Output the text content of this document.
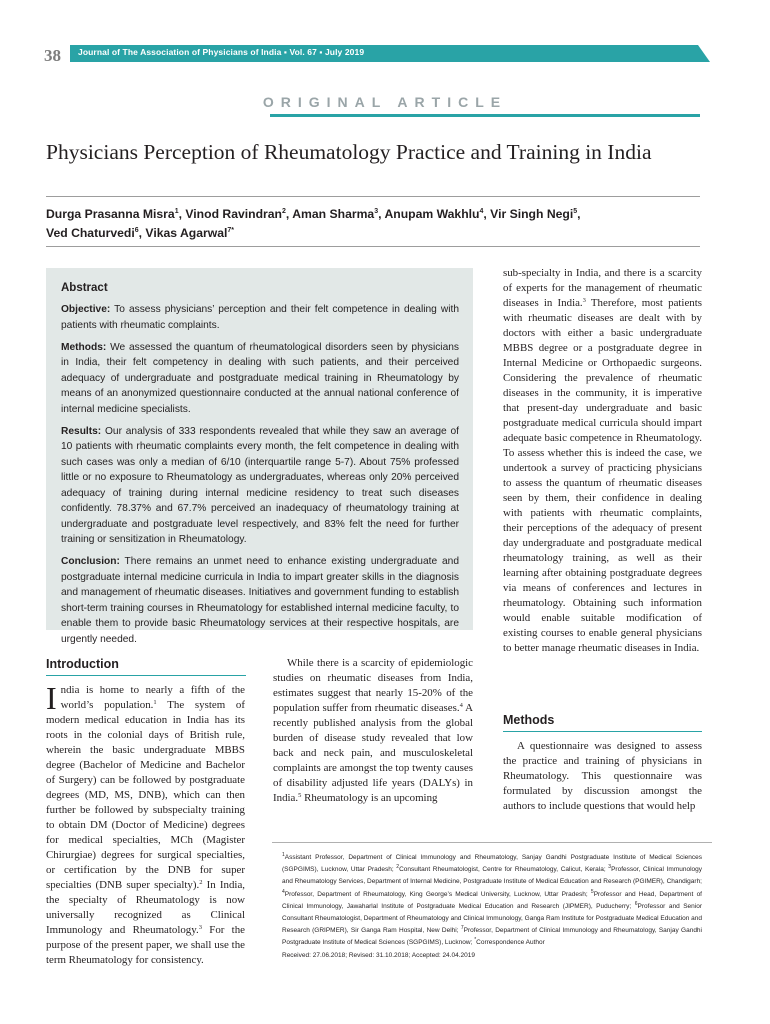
38 Journal of The Association of Physicians of India ▪ Vol. 67 ▪ July 2019
ORIGINAL ARTICLE
Physicians Perception of Rheumatology Practice and Training in India
Durga Prasanna Misra$^1$, Vinod Ravindran$^2$, Aman Sharma$^3$, Anupam Wakhlu$^4$, Vir Singh Negi$^5$,
Ved Chaturvedi$^6$, Vikas Agarwal$^{7*}$
Abstract

Objective: To assess physicians’ perception and their felt competence in dealing with patients with rheumatic complaints.

Methods: We assessed the quantum of rheumatological disorders seen by physicians in India, their felt competency in dealing with such patients, and their perceived adequacy of undergraduate and postgraduate medical training in Rheumatology by means of an anonymized questionnaire conducted at the annual national conference of internal medicine specialists.

Results: Our analysis of 333 respondents revealed that while they saw an average of 10 patients with rheumatic complaints every month, the felt competence in dealing with such cases was only a median of 6/10 (interquartile range 5-7). About 75% professed little or no exposure to Rheumatology as undergraduates, whereas only 20% perceived adequacy of training during internal medicine residency to treat such diseases confidently. 78.37% and 67.7% perceived an inadequacy of rheumatology training at undergraduate and postgraduate level respectively, and 83% felt the need for further training or sensitization in Rheumatology.

Conclusion: There remains an unmet need to enhance existing undergraduate and postgraduate internal medicine curricula in India to impart greater skills in the diagnosis and management of rheumatic diseases. Initiatives and government funding to establish short-term training courses in Rheumatology for established internal medicine faculty, to enable them to provide basic Rheumatology services at their respective hospitals, are urgently needed.

Introduction

India is home to nearly a fifth of the world’s population.$^1$ The system of modern medical education in India has its roots in the colonial days of British rule, wherein the basic undergraduate MBBS degree (Bachelor of Medicine and Bachelor of Surgery) can be followed by postgraduate degrees (MD, MS, DNB), which can then further be followed by subspecialty training to obtain DM (Doctor of Medicine) degrees for medical specialties, MCh (Magister Chirurgiae) degrees for surgical specialties, or certification by the DNB for super specialties (DNB super specialty).$^2$ In India, the specialty of Rheumatology is now universally recognized as Clinical Immunology and Rheumatology.$^3$ For the purpose of the present paper, we shall use the term Rheumatology for consistency.

While there is a scarcity of epidemiologic studies on rheumatic diseases from India, estimates suggest that nearly 15-20% of the population suffer from rheumatic diseases.$^4$ A recently published analysis from the global burden of disease study revealed that low back and neck pain, and musculoskeletal complaints are amongst the top twenty causes of disability adjusted life years (DALYs) in India.$^5$ Rheumatology is an upcoming

sub-specialty in India, and there is a scarcity of experts for the management of rheumatic diseases in India.$^3$ Therefore, most patients with rheumatic diseases are dealt with by doctors with either a basic undergraduate MBBS degree or a postgraduate degree in Internal Medicine or Orthopaedic surgeons. Considering the prevalence of rheumatic diseases in the community, it is imperative that present-day undergraduate and basic postgraduate medical curricula should impart adequate basic competence in Rheumatology. To assess whether this is indeed the case, we undertook a survey of practicing physicians to assess the quantum of rheumatic diseases seen by them, their confidence in dealing with patients with rheumatic complaints, their perceptions of the adequacy of present day undergraduate and postgraduate medical rheumatology training, as well as their learning after obtaining postgraduate degrees via means of conferences and lectures in rheumatology. Obtaining such information would enable suitable modification of existing courses to enable general physicians to better manage rheumatic diseases in India.

Methods

A questionnaire was designed to assess the practice and training of physicians in Rheumatology. This questionnaire was formulated by discussion amongst the authors to include questions that would help

$^1$Assistant Professor, Department of Clinical Immunology and Rheumatology, Sanjay Gandhi Postgraduate Institute of Medical Sciences (SGPGIMS), Lucknow, Uttar Pradesh; $^2$Consultant Rheumatologist, Centre for Rheumatology, Calicut, Kerala; $^3$Professor, Clinical Immunology and Rheumatology Services, Department of Internal Medicine, Postgraduate Institute of Medical Education and Research (PGIMER), Chandigarh; $^4$Professor, Department of Rheumatology, King George’s Medical University, Lucknow, Uttar Pradesh; $^5$Professor and Head, Department of Clinical Immunology, Jawaharlal Institute of Postgraduate Medical Education and Research (JIPMER), Puducherry; $^6$Professor and Senior Consultant Rheumatologist, Department of Rheumatology and Clinical Immunology, Ganga Ram Institute for Postgraduate Medical Education and Research (GRIPMER), Sir Ganga Ram Hospital, New Delhi; $^7$Professor, Department of Clinical Immunology and Rheumatology, Sanjay Gandhi Postgraduate Institute of Medical Sciences (SGPGIMS), Lucknow; *Correspondence Author
Received: 27.06.2018; Revised: 31.10.2018; Accepted: 24.04.2019
